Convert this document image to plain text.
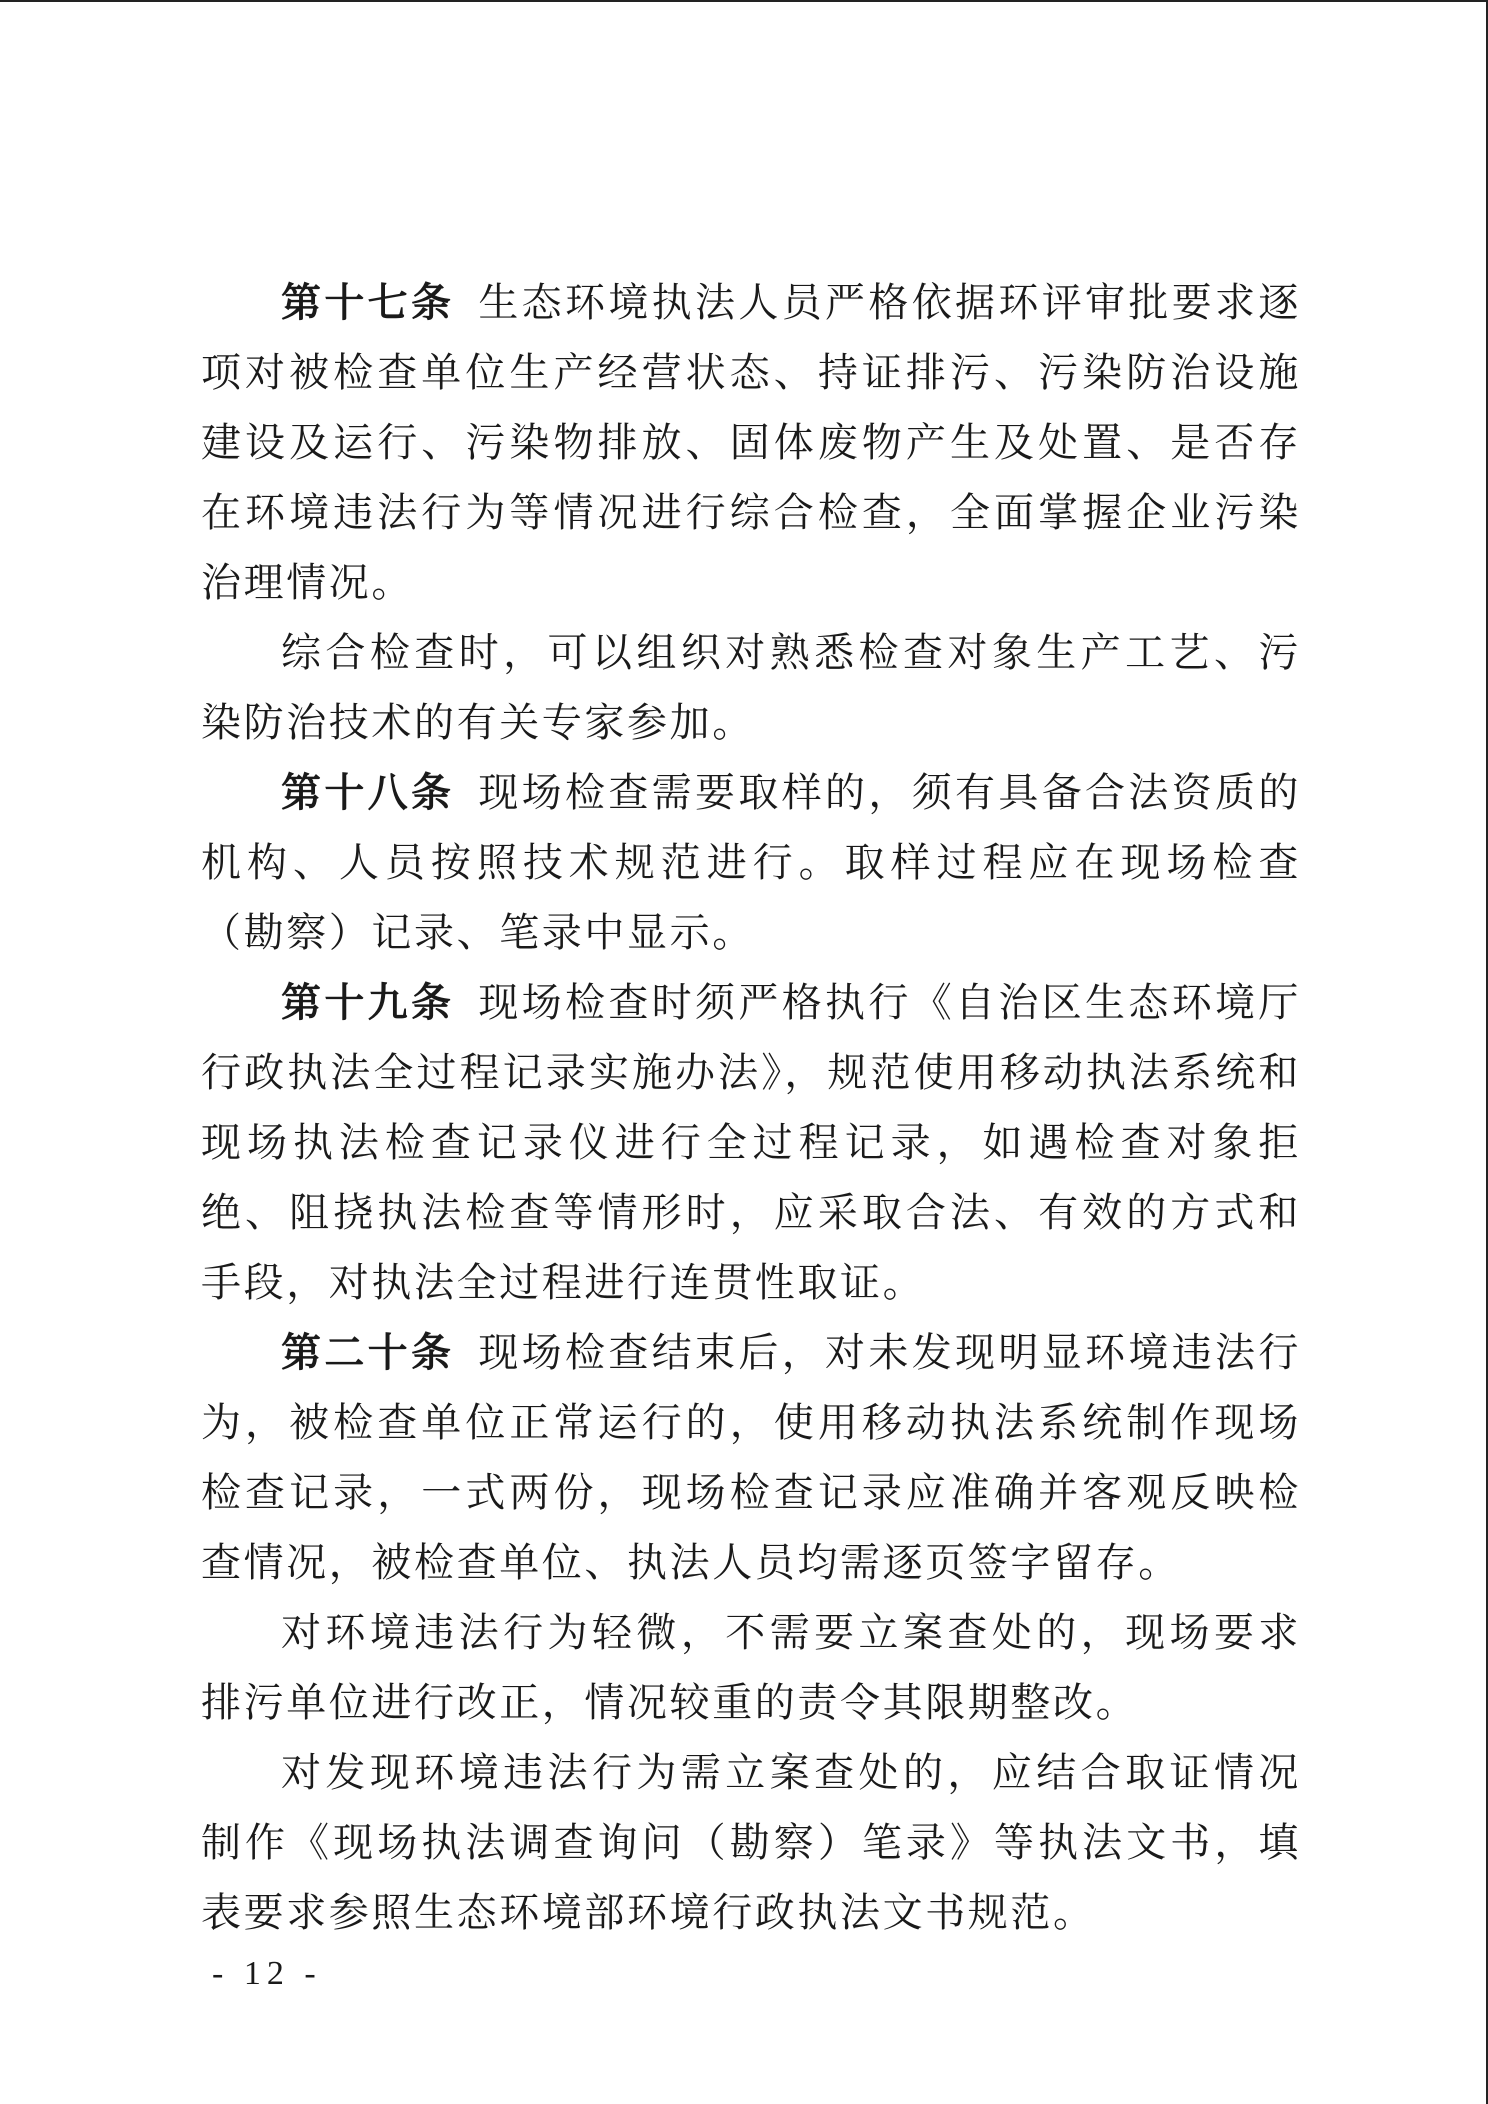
第十七条 生态环境执法人员严格依据环评审批要求逐项对被检查单位生产经营状态、持证排污、污染防治设施建设及运行、污染物排放、固体废物产生及处置、是否存在环境违法行为等情况进行综合检查，全面掌握企业污染治理情况。

综合检查时，可以组织对熟悉检查对象生产工艺、污染防治技术的有关专家参加。

第十八条 现场检查需要取样的，须有具备合法资质的机构、人员按照技术规范进行。取样过程应在现场检查（勘察）记录、笔录中显示。

第十九条 现场检查时须严格执行《自治区生态环境厅行政执法全过程记录实施办法》，规范使用移动执法系统和现场执法检查记录仪进行全过程记录，如遇检查对象拒绝、阻挠执法检查等情形时，应采取合法、有效的方式和手段，对执法全过程进行连贯性取证。

第二十条 现场检查结束后，对未发现明显环境违法行为，被检查单位正常运行的，使用移动执法系统制作现场检查记录，一式两份，现场检查记录应准确并客观反映检查情况，被检查单位、执法人员均需逐页签字留存。

对环境违法行为轻微，不需要立案查处的，现场要求排污单位进行改正，情况较重的责令其限期整改。

对发现环境违法行为需立案查处的，应结合取证情况制作《现场执法调查询问（勘察）笔录》等执法文书，填表要求参照生态环境部环境行政执法文书规范。

- 12 -
